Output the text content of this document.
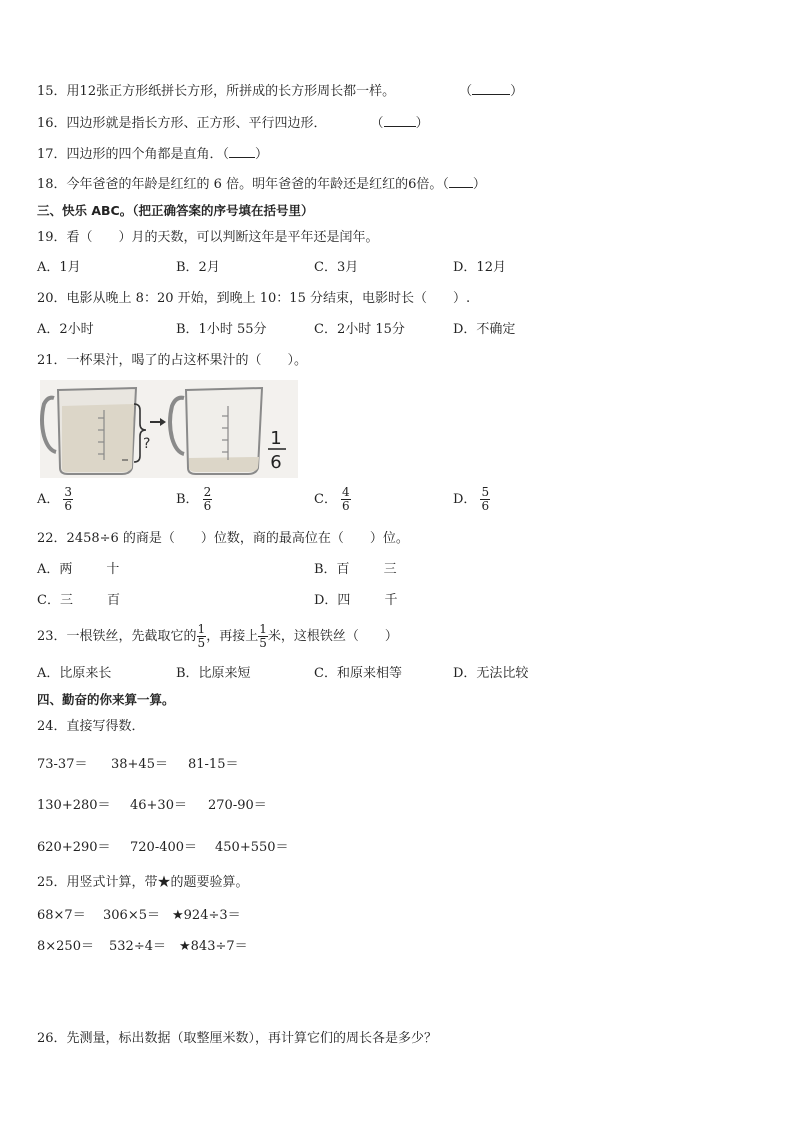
15．用12张正方形纸拼长方形，所拼成的长方形周长都一样。	（	）
16．四边形就是指长方形、正方形、平行四边形．	（ ）
17．四边形的四个角都是直角．（ ）
18．今年爸爸的年龄是红红的 6 倍。明年爸爸的年龄还是红红的6倍。（ ）
三、快乐 ABC。（把正确答案的序号填在括号里）
19．看（　　）月的天数，可以判断这年是平年还是闰年。
A．1月	B．2月	C．3月	D．12月
20．电影从晚上 8：20 开始，到晚上 10：15 分结束，电影时长（　　）.
A．2小时	B．1小时 55分	C．2小时 15分	D．不确定
21．一杯果汁，喝了的占这杯果汁的（　　）。
?	1
6
A． $\frac{3}{6}$	B． $\frac{2}{6}$	C． $\frac{4}{6}$	D． $\frac{5}{6}$
22．2458÷6 的商是（　　）位数，商的最高位在（　　）位。
A．两	十	B．百	三
C．三	百	D．四	千
23．一根铁丝，先截取它的 $\frac{1}{5}$ ，再接上 $\frac{1}{5}$ 米，这根铁丝（　　）
A．比原来长	B．比原来短	C．和原来相等	D．无法比较
四、勤奋的你来算一算。
24．直接写得数．
73-37＝ 38+45＝ 81-15＝
130+280＝ 46+30＝ 270-90＝
620+290＝ 720-400＝ 450+550＝
25．用竖式计算，带★的题要验算。
68×7＝ 306×5＝ ★924÷3＝
8×250＝ 532÷4＝ ★843÷7＝
26．先测量，标出数据（取整厘米数），再计算它们的周长各是多少？
